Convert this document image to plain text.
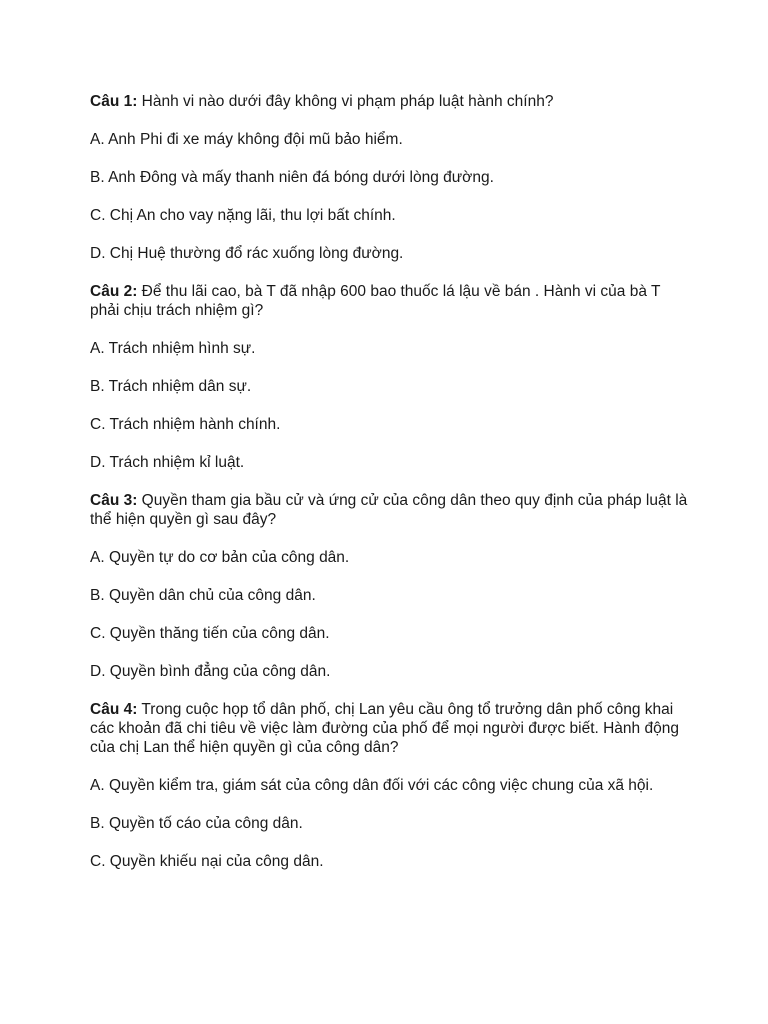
Câu 1: Hành vi nào dưới đây không vi phạm pháp luật hành chính?

A. Anh Phi đi xe máy không đội mũ bảo hiểm.

B. Anh Đông và mấy thanh niên đá bóng dưới lòng đường.

C. Chị An cho vay nặng lãi, thu lợi bất chính.

D. Chị Huệ thường đổ rác xuống lòng đường.

Câu 2: Để thu lãi cao, bà T đã nhập 600 bao thuốc lá lậu về bán . Hành vi của bà T phải chịu trách nhiệm gì?

A. Trách nhiệm hình sự.

B. Trách nhiệm dân sự.

C. Trách nhiệm hành chính.

D. Trách nhiệm kỉ luật.

Câu 3: Quyền tham gia bầu cử và ứng cử của công dân theo quy định của pháp luật là thể hiện quyền gì sau đây?

A. Quyền tự do cơ bản của công dân.

B. Quyền dân chủ của công dân.

C. Quyền thăng tiến của công dân.

D. Quyền bình đẳng của công dân.

Câu 4: Trong cuộc họp tổ dân phố, chị Lan yêu cầu ông tổ trưởng dân phố công khai các khoản đã chi tiêu về việc làm đường của phố để mọi người được biết. Hành động của chị Lan thể hiện quyền gì của công dân?

A. Quyền kiểm tra, giám sát của công dân đối với các công việc chung của xã hội.

B. Quyền tố cáo của công dân.

C. Quyền khiếu nại của công dân.
